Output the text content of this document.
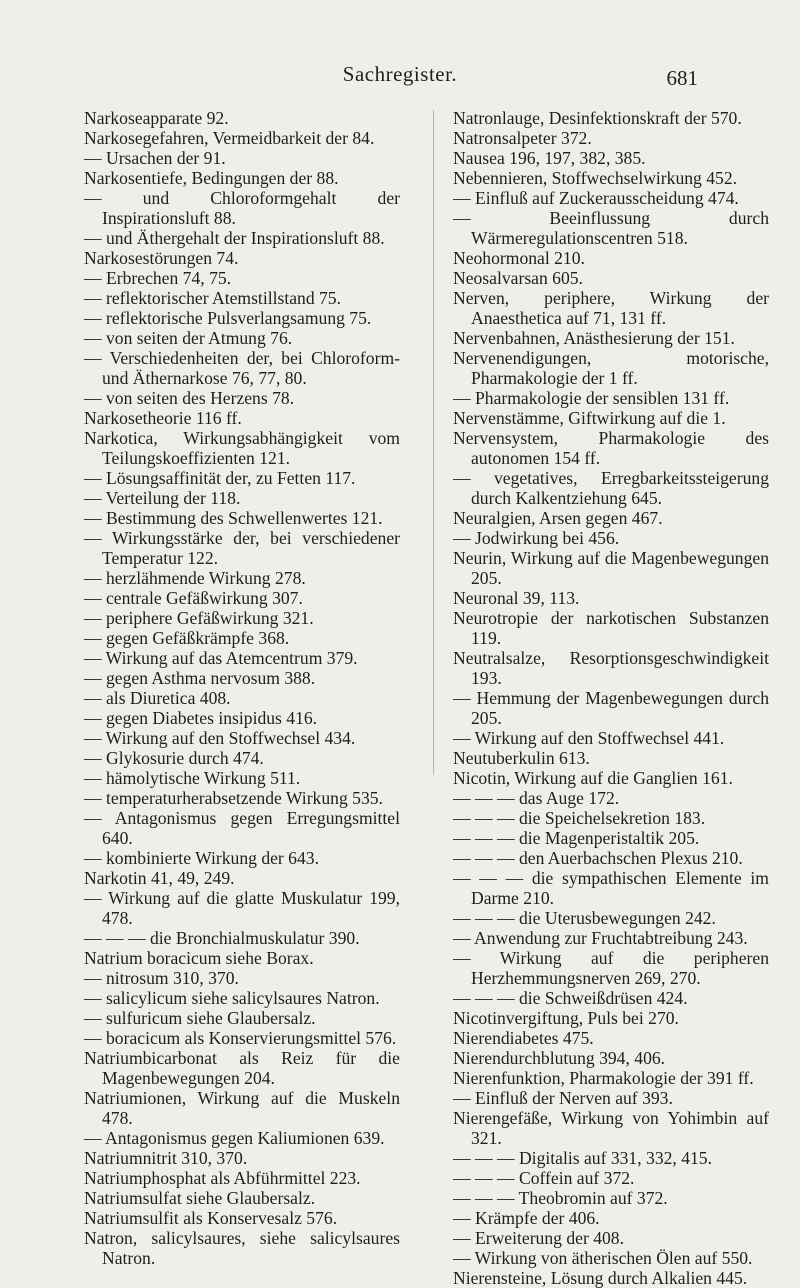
Sachregister.	681
Narkoseapparate 92.
Narkosegefahren, Vermeidbarkeit der 84.
— Ursachen der 91.
Narkosentiefe, Bedingungen der 88.
— und Chloroformgehalt der Inspirationsluft 88.
— und Äthergehalt der Inspirationsluft 88.
Narkosestörungen 74.
— Erbrechen 74, 75.
— reflektorischer Atemstillstand 75.
— reflektorische Pulsverlangsamung 75.
— von seiten der Atmung 76.
— Verschiedenheiten der, bei Chloroform- und Äthernarkose 76, 77, 80.
— von seiten des Herzens 78.
Narkosetheorie 116 ff.
Narkotica, Wirkungsabhängigkeit vom Teilungskoeffizienten 121.
— Lösungsaffinität der, zu Fetten 117.
— Verteilung der 118.
— Bestimmung des Schwellenwertes 121.
— Wirkungsstärke der, bei verschiedener Temperatur 122.
— herzlähmende Wirkung 278.
— centrale Gefäßwirkung 307.
— periphere Gefäßwirkung 321.
— gegen Gefäßkrämpfe 368.
— Wirkung auf das Atemcentrum 379.
— gegen Asthma nervosum 388.
— als Diuretica 408.
— gegen Diabetes insipidus 416.
— Wirkung auf den Stoffwechsel 434.
— Glykosurie durch 474.
— hämolytische Wirkung 511.
— temperaturherabsetzende Wirkung 535.
— Antagonismus gegen Erregungsmittel 640.
— kombinierte Wirkung der 643.
Narkotin 41, 49, 249.
— Wirkung auf die glatte Muskulatur 199, 478.
— — — die Bronchialmuskulatur 390.
Natrium boracicum siehe Borax.
— nitrosum 310, 370.
— salicylicum siehe salicylsaures Natron.
— sulfuricum siehe Glaubersalz.
— boracicum als Konservierungsmittel 576.
Natriumbicarbonat als Reiz für die Magenbewegungen 204.
Natriumionen, Wirkung auf die Muskeln 478.
— Antagonismus gegen Kaliumionen 639.
Natriumnitrit 310, 370.
Natriumphosphat als Abführmittel 223.
Natriumsulfat siehe Glaubersalz.
Natriumsulfit als Konservesalz 576.
Natron, salicylsaures, siehe salicylsaures Natron.
Natronlauge, Desinfektionskraft der 570.
Natronsalpeter 372.
Nausea 196, 197, 382, 385.
Nebennieren, Stoffwechselwirkung 452.
— Einfluß auf Zuckerausscheidung 474.
— Beeinflussung durch Wärmeregulationscentren 518.
Neohormonal 210.
Neosalvarsan 605.
Nerven, periphere, Wirkung der Anaesthetica auf 71, 131 ff.
Nervenbahnen, Anästhesierung der 151.
Nervenendigungen, motorische, Pharmakologie der 1 ff.
— Pharmakologie der sensiblen 131 ff.
Nervenstämme, Giftwirkung auf die 1.
Nervensystem, Pharmakologie des autonomen 154 ff.
— vegetatives, Erregbarkeitssteigerung durch Kalkentziehung 645.
Neuralgien, Arsen gegen 467.
— Jodwirkung bei 456.
Neurin, Wirkung auf die Magenbewegungen 205.
Neuronal 39, 113.
Neurotropie der narkotischen Substanzen 119.
Neutralsalze, Resorptionsgeschwindigkeit 193.
— Hemmung der Magenbewegungen durch 205.
— Wirkung auf den Stoffwechsel 441.
Neutuberkulin 613.
Nicotin, Wirkung auf die Ganglien 161.
— — — das Auge 172.
— — — die Speichelsekretion 183.
— — — die Magenperistaltik 205.
— — — den Auerbachschen Plexus 210.
— — — die sympathischen Elemente im Darme 210.
— — — die Uterusbewegungen 242.
— Anwendung zur Fruchtabtreibung 243.
— Wirkung auf die peripheren Herzhemmungsnerven 269, 270.
— — — die Schweißdrüsen 424.
Nicotinvergiftung, Puls bei 270.
Nierendiabetes 475.
Nierendurchblutung 394, 406.
Nierenfunktion, Pharmakologie der 391 ff.
— Einfluß der Nerven auf 393.
Nierengefäße, Wirkung von Yohimbin auf 321.
— — — Digitalis auf 331, 332, 415.
— — — Coffein auf 372.
— — — Theobromin auf 372.
— Krämpfe der 406.
— Erweiterung der 408.
— Wirkung von ätherischen Ölen auf 550.
Nierensteine, Lösung durch Alkalien 445.
